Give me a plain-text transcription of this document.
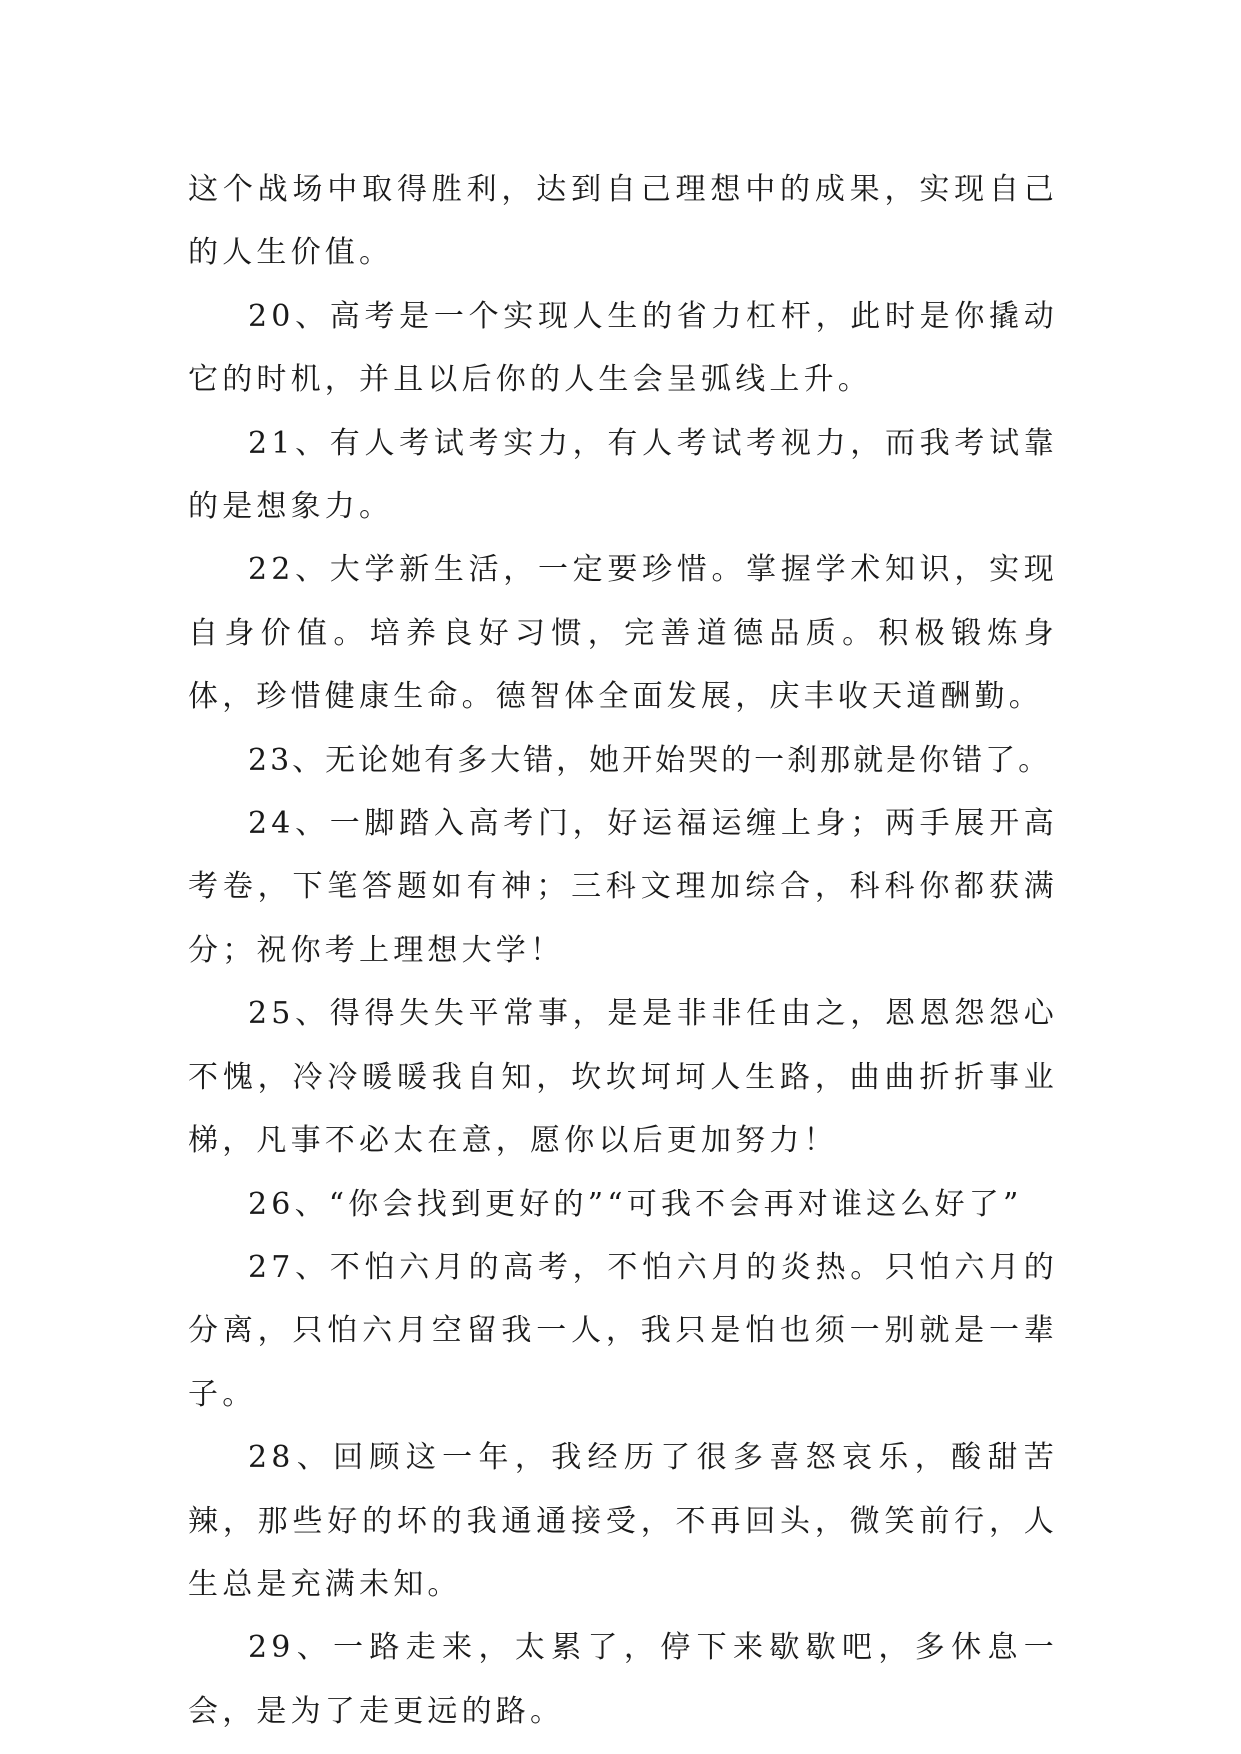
这个战场中取得胜利，达到自己理想中的成果，实现自己的人生价值。

20、高考是一个实现人生的省力杠杆，此时是你撬动它的时机，并且以后你的人生会呈弧线上升。

21、有人考试考实力，有人考试考视力，而我考试靠的是想象力。

22、大学新生活，一定要珍惜。掌握学术知识，实现自身价值。培养良好习惯，完善道德品质。积极锻炼身体，珍惜健康生命。德智体全面发展，庆丰收天道酬勤。

23、无论她有多大错，她开始哭的一刹那就是你错了。

24、一脚踏入高考门，好运福运缠上身；两手展开高考卷，下笔答题如有神；三科文理加综合，科科你都获满分；祝你考上理想大学！

25、得得失失平常事，是是非非任由之，恩恩怨怨心不愧，冷冷暖暖我自知，坎坎坷坷人生路，曲曲折折事业梯，凡事不必太在意，愿你以后更加努力！

26、“你会找到更好的”“可我不会再对谁这么好了”

27、不怕六月的高考，不怕六月的炎热。只怕六月的分离，只怕六月空留我一人，我只是怕也须一别就是一辈子。

28、回顾这一年，我经历了很多喜怒哀乐，酸甜苦辣，那些好的坏的我通通接受，不再回头，微笑前行，人生总是充满未知。

29、一路走来，太累了，停下来歇歇吧，多休息一会，是为了走更远的路。
